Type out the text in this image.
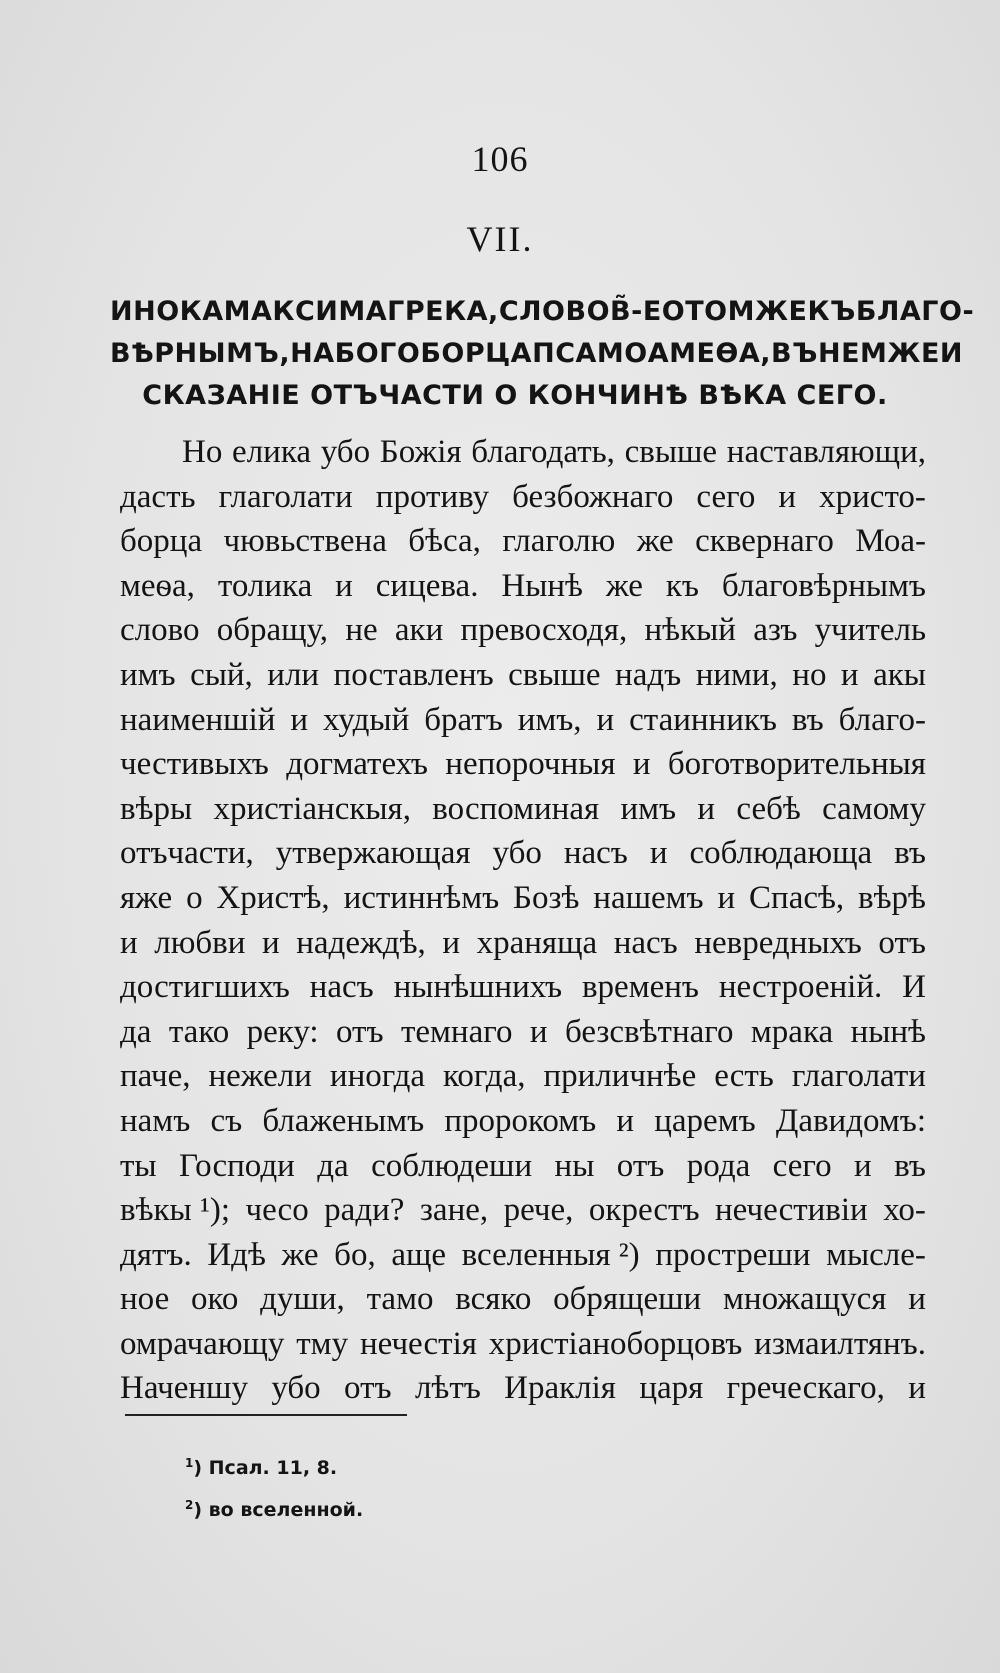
106
VII.
ИНОКА МАКСИМА ГРЕКА, СЛОВО В̃-Е О ТОМЖЕ КЪ БЛАГО-
ВѢРНЫМЪ, НА БОГОБОРЦА ПСА МОАМЕѲА, ВЪ НЕМЖЕ И
СКАЗАНІЕ ОТЪЧАСТИ О КОНЧИНѢ ВѢКА СЕГО.
Но елика убо Божія благодать, свыше наставляющи,
дасть глаголати противу безбожнаго сего и христо-
борца чювьствена бѣса, глаголю же сквернаго Моа-
меѳа, толика и сицева. Нынѣ же къ благовѣрнымъ
слово обращу, не аки превосходя, нѣкый азъ учитель
имъ сый, или поставленъ свыше надъ ними, но и акы
наименшій и худый братъ имъ, и стаинникъ въ благо-
честивыхъ догматехъ непорочныя и боготворительныя
вѣры христіанскыя, воспоминая имъ и себѣ самому
отъчасти, утвержающая убо насъ и соблюдающа въ
яже о Христѣ, истиннѣмъ Бозѣ нашемъ и Спасѣ, вѣрѣ
и любви и надеждѣ, и храняща насъ невредныхъ отъ
достигшихъ насъ нынѣшнихъ временъ нестроеній. И
да тако реку: отъ темнаго и безсвѣтнаго мрака нынѣ
паче, нежели иногда когда, приличнѣе есть глаголати
намъ съ блаженымъ пророкомъ и царемъ Давидомъ:
ты Господи да соблюдеши ны отъ рода сего и въ
вѣкы ¹); чесо ради? зане, рече, окрестъ нечестивіи хо-
дятъ. Идѣ же бо, аще вселенныя ²) простреши мысле-
ное око души, тамо всяко обрящеши множащуся и
омрачающу тму нечестія христіаноборцовъ измаилтянъ.
Наченшу убо отъ лѣтъ Ираклія царя греческаго, и
$^1$) Псал. 11, 8.
$^2$) во вселенной.
